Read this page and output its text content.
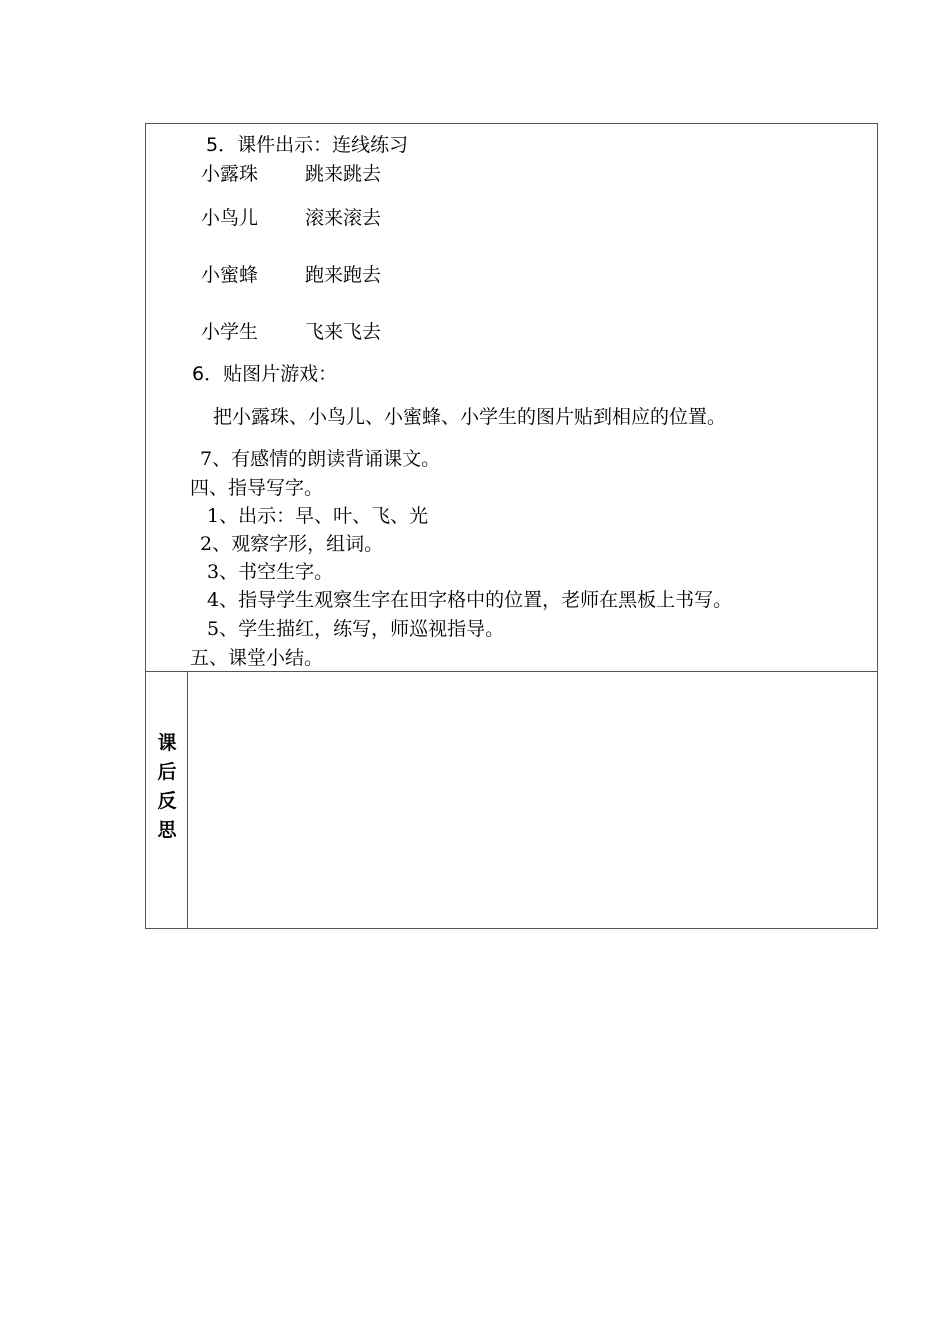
5．课件出示：连线练习
小露珠 跳来跳去
小鸟儿 滚来滚去
小蜜蜂 跑来跑去
小学生 飞来飞去
6．贴图片游戏：
把小露珠、小鸟儿、小蜜蜂、小学生的图片贴到相应的位置。
7、有感情的朗读背诵课文。
四、指导写字。
1、出示：早、叶、飞、光
2、观察字形，组词。
3、书空生字。
4、指导学生观察生字在田字格中的位置，老师在黑板上书写。
5、学生描红，练写，师巡视指导。
五、课堂小结。
课
后
反
思
